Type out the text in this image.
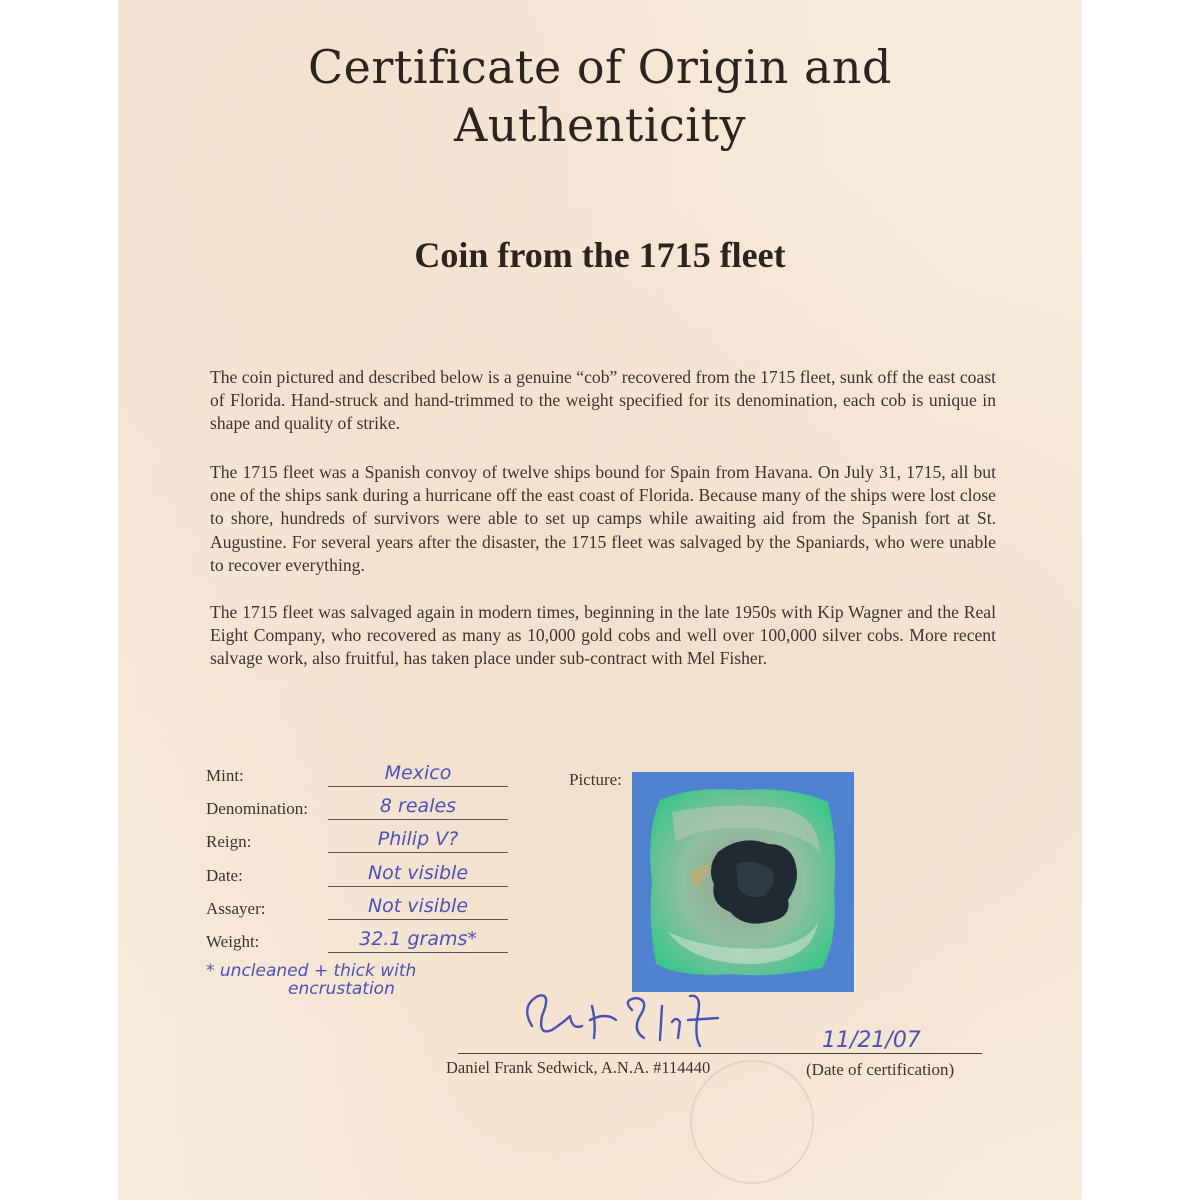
Certificate of Origin and
Authenticity
Coin from the 1715 fleet
The coin pictured and described below is a genuine “cob” recovered from the 1715 fleet, sunk off the east coast of Florida. Hand-struck and hand-trimmed to the weight specified for its denomination, each cob is unique in shape and quality of strike.
The 1715 fleet was a Spanish convoy of twelve ships bound for Spain from Havana. On July 31, 1715, all but one of the ships sank during a hurricane off the east coast of Florida. Because many of the ships were lost close to shore, hundreds of survivors were able to set up camps while awaiting aid from the Spanish fort at St. Augustine. For several years after the disaster, the 1715 fleet was salvaged by the Spaniards, who were unable to recover everything.
The 1715 fleet was salvaged again in modern times, beginning in the late 1950s with Kip Wagner and the Real Eight Company, who recovered as many as 10,000 gold cobs and well over 100,000 silver cobs. More recent salvage work, also fruitful, has taken place under sub-contract with Mel Fisher.
Mint:	Mexico
Denomination:	8 reales
Reign:	Philip V?
Date:	Not visible
Assayer:	Not visible
Weight:	32.1 grams*
* uncleaned + thick with
encrustation
Picture:
11/21/07
Daniel Frank Sedwick, A.N.A. #114440	(Date of certification)
